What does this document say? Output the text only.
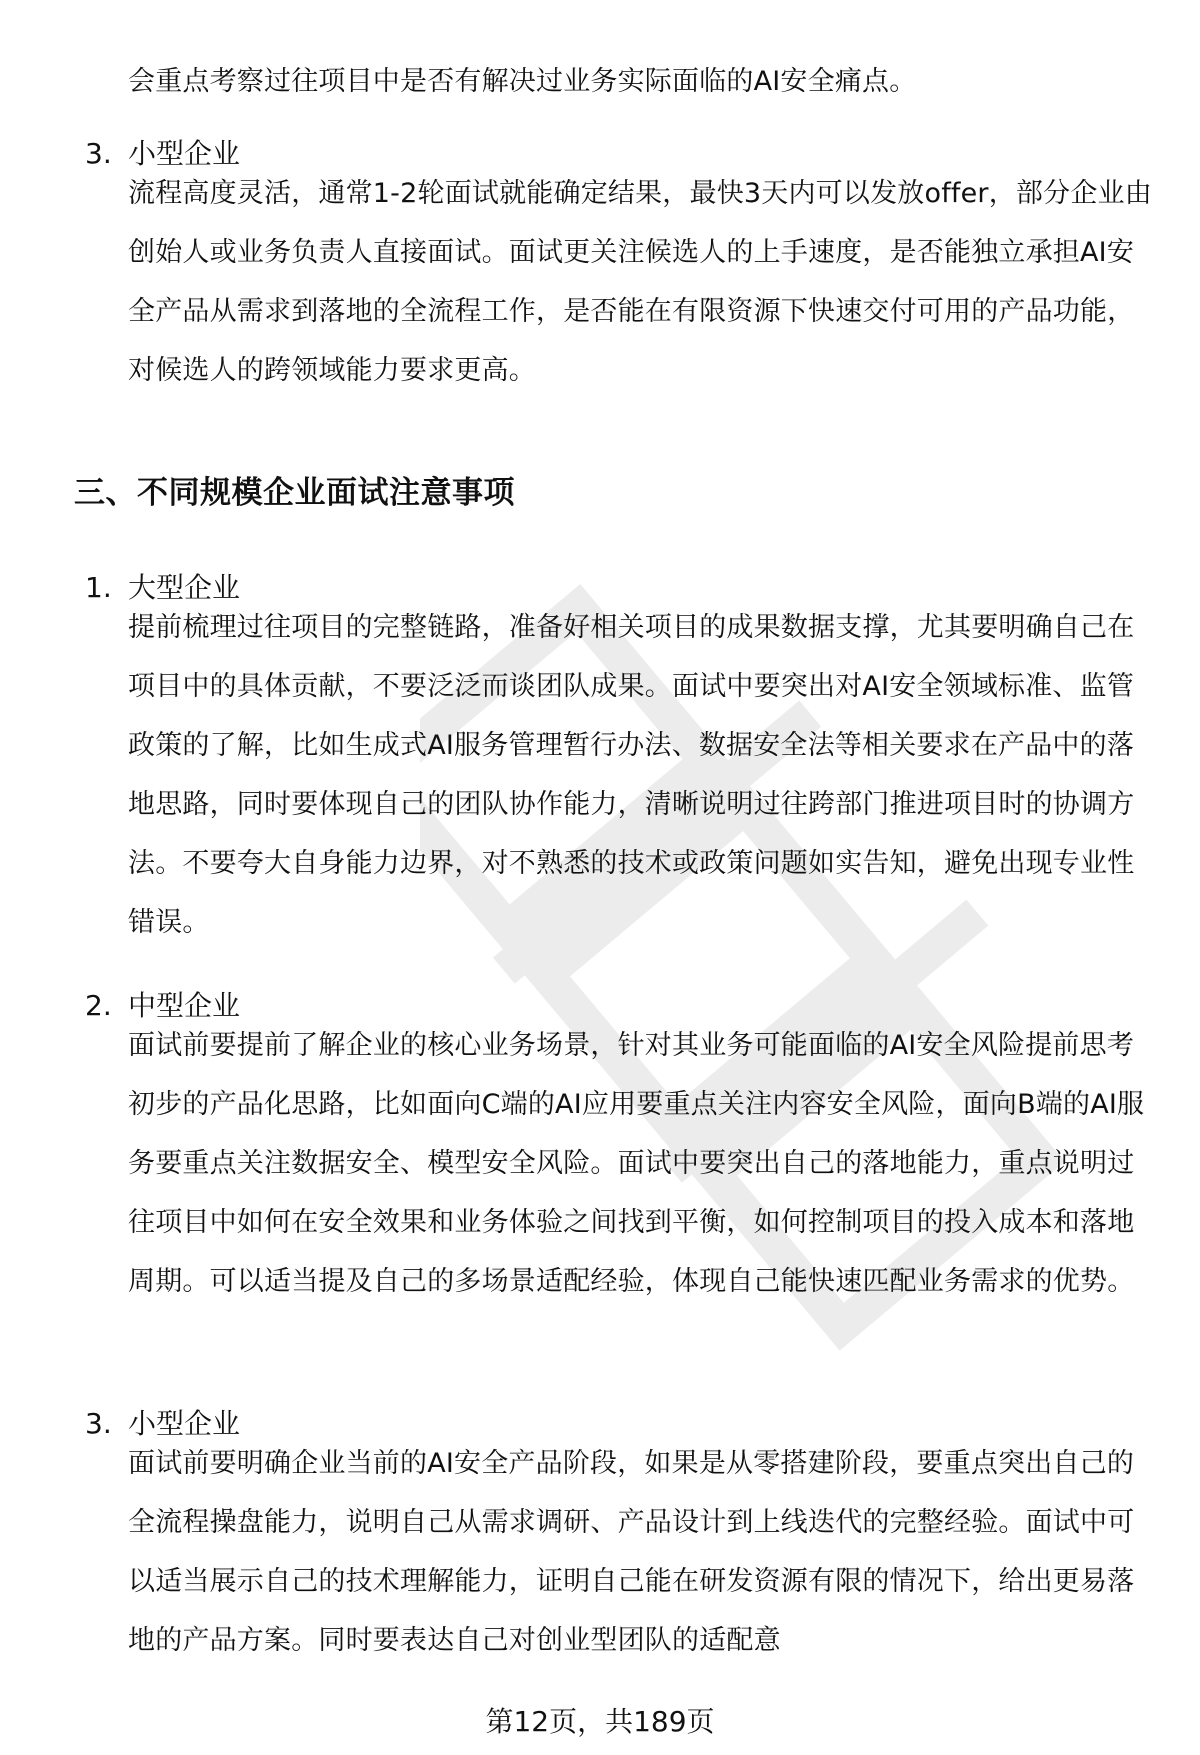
会重点考察过往项目中是否有解决过业务实际面临的AI安全痛点。
3. 小型企业
流程高度灵活，通常1-2轮面试就能确定结果，最快3天内可以发放offer，部分企业由创始人或业务负责人直接面试。面试更关注候选人的上手速度，是否能独立承担AI安全产品从需求到落地的全流程工作，是否能在有限资源下快速交付可用的产品功能，对候选人的跨领域能力要求更高。
三、不同规模企业面试注意事项
1. 大型企业
提前梳理过往项目的完整链路，准备好相关项目的成果数据支撑，尤其要明确自己在项目中的具体贡献，不要泛泛而谈团队成果。面试中要突出对AI安全领域标准、监管政策的了解，比如生成式AI服务管理暂行办法、数据安全法等相关要求在产品中的落地思路，同时要体现自己的团队协作能力，清晰说明过往跨部门推进项目时的协调方法。不要夸大自身能力边界，对不熟悉的技术或政策问题如实告知，避免出现专业性错误。
2. 中型企业
面试前要提前了解企业的核心业务场景，针对其业务可能面临的AI安全风险提前思考初步的产品化思路，比如面向C端的AI应用要重点关注内容安全风险，面向B端的AI服务要重点关注数据安全、模型安全风险。面试中要突出自己的落地能力，重点说明过往项目中如何在安全效果和业务体验之间找到平衡，如何控制项目的投入成本和落地周期。可以适当提及自己的多场景适配经验，体现自己能快速匹配业务需求的优势。
3. 小型企业
面试前要明确企业当前的AI安全产品阶段，如果是从零搭建阶段，要重点突出自己的全流程操盘能力，说明自己从需求调研、产品设计到上线迭代的完整经验。面试中可以适当展示自己的技术理解能力，证明自己能在研发资源有限的情况下，给出更易落地的产品方案。同时要表达自己对创业型团队的适配意
第12页，共189页
